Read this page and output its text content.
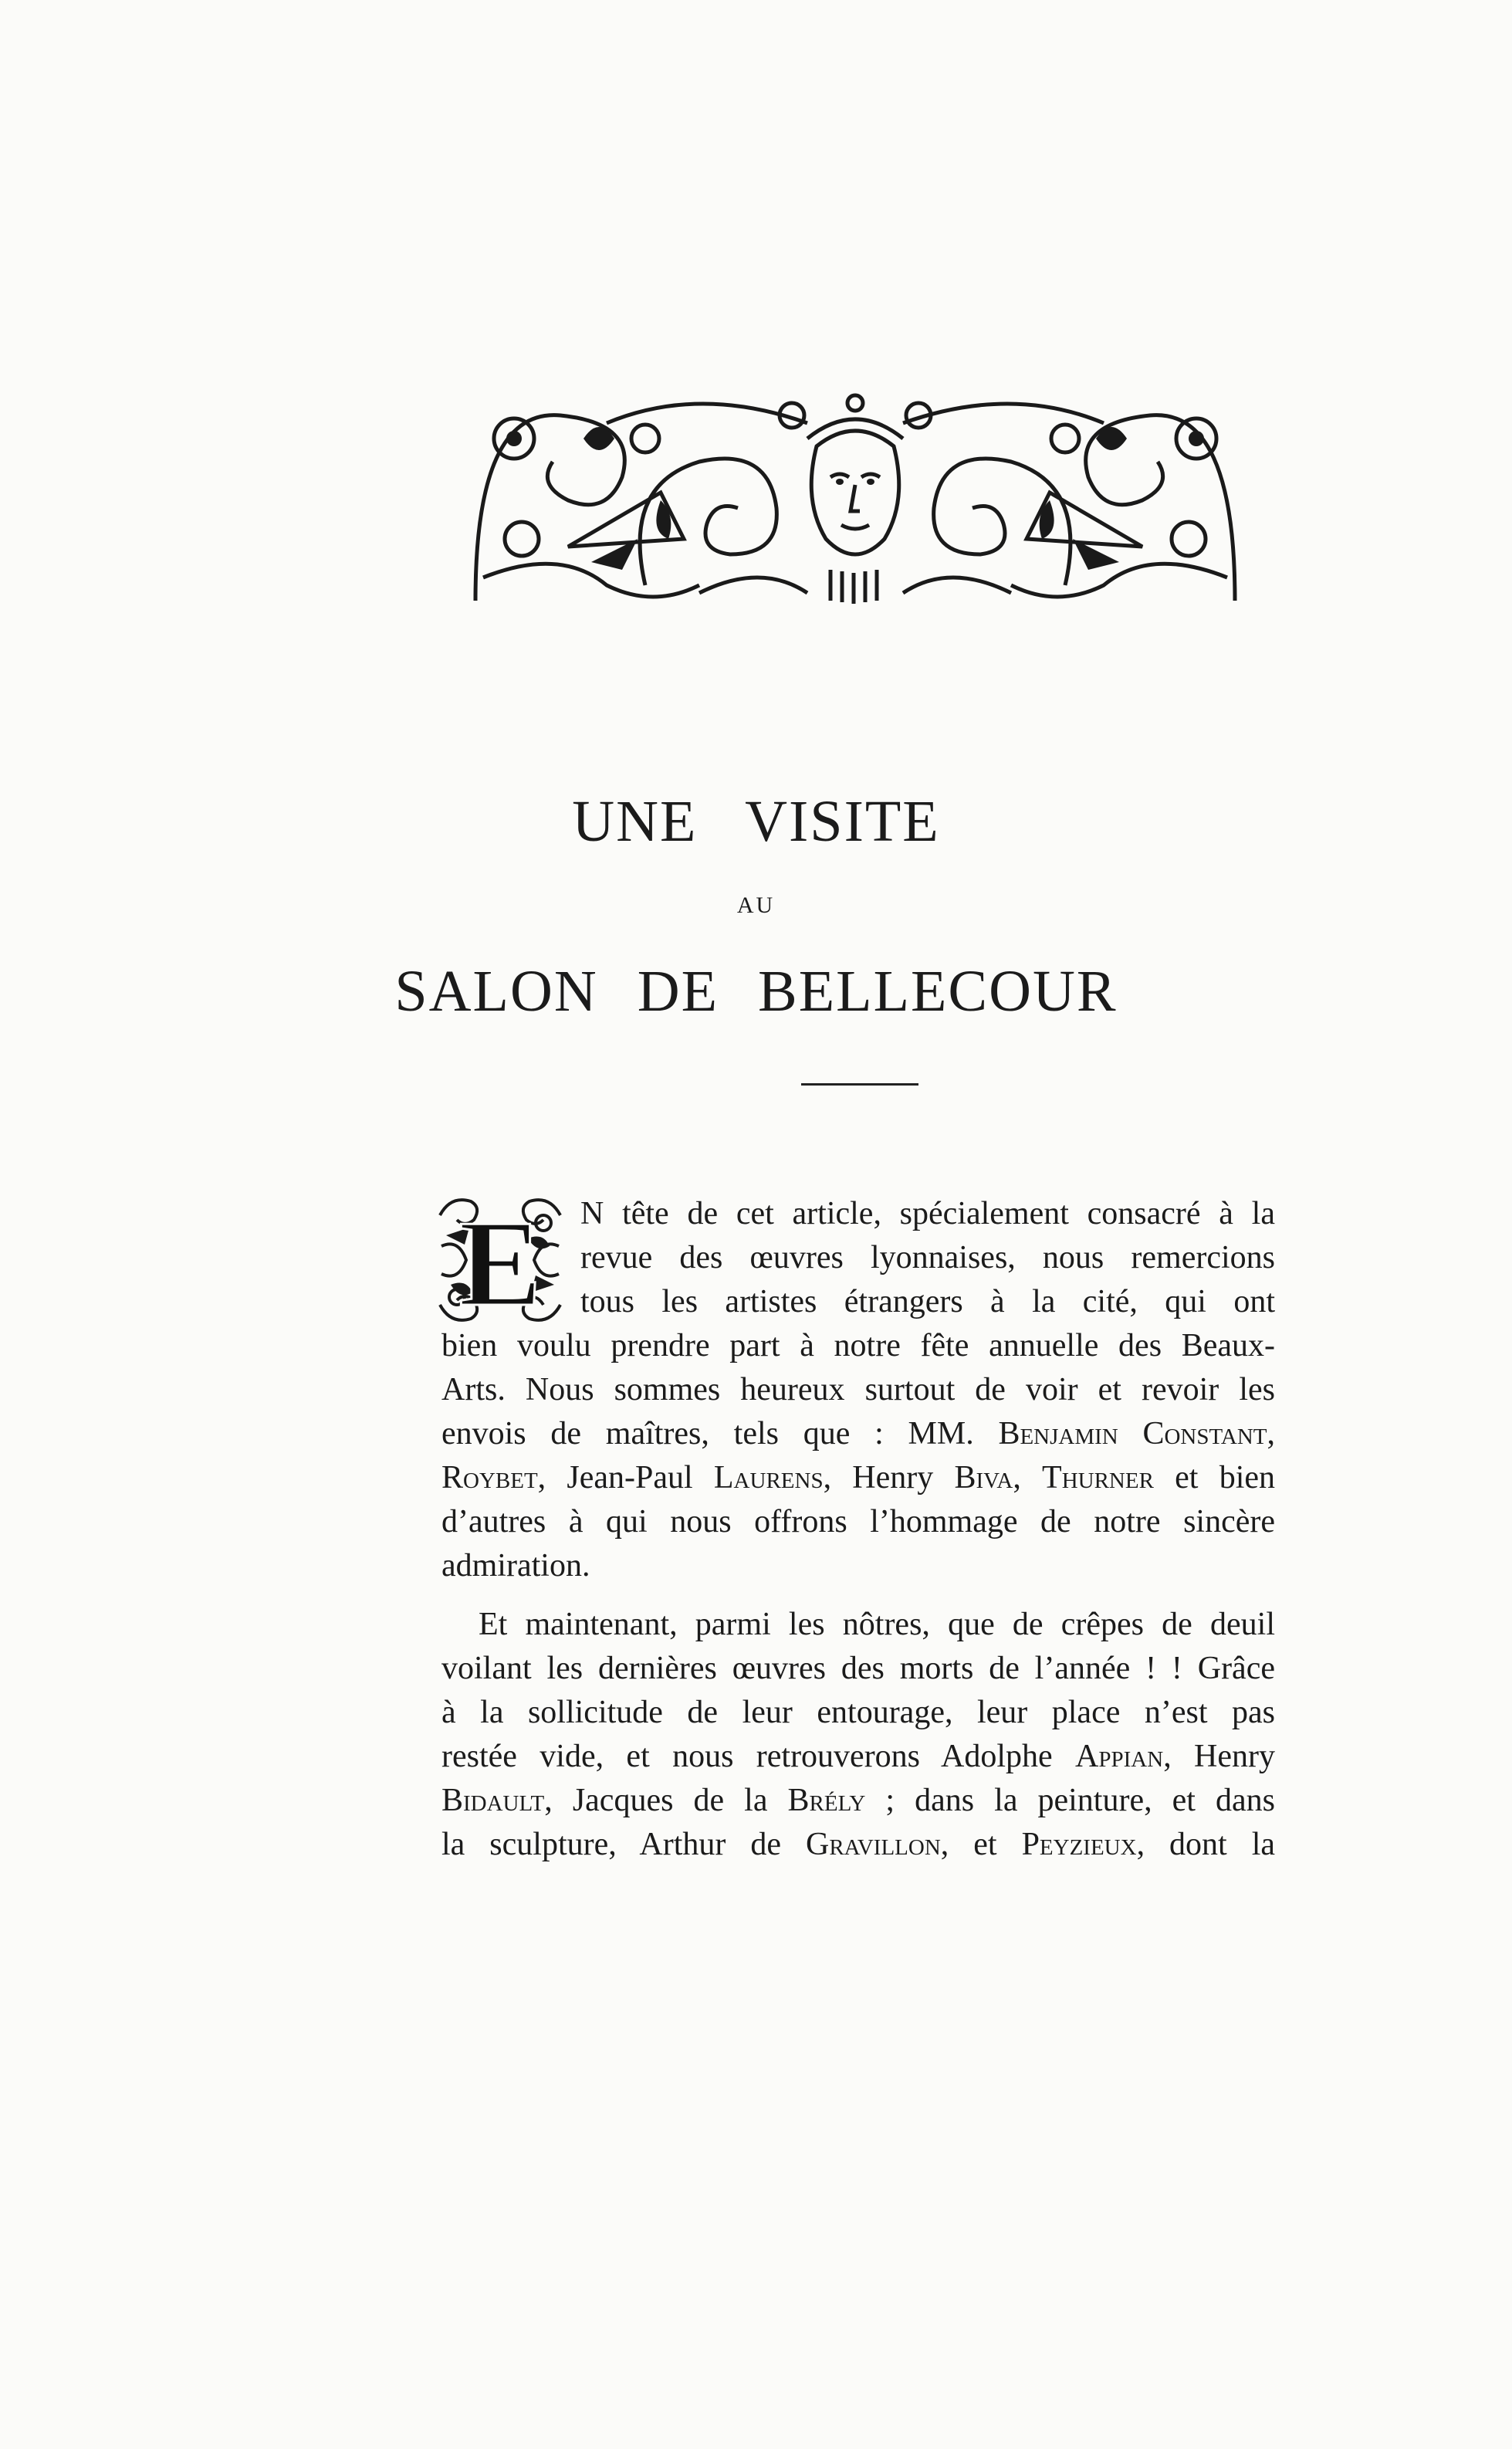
UNE VISITE
AU
SALON DE BELLECOUR
E N tête de cet article, spécialement consacré à la

revue des œuvres lyonnaises, nous remercions

tous les artistes étrangers à la cité, qui ont

bien voulu prendre part à notre fête annuelle des Beaux-

Arts. Nous sommes heureux surtout de voir et revoir les

envois de maîtres, tels que : MM. Benjamin Constant,

Roybet, Jean-Paul Laurens, Henry Biva, Thurner et bien

d’autres à qui nous offrons l’hommage de notre sincère

admiration.

Et maintenant, parmi les nôtres, que de crêpes de deuil

voilant les dernières œuvres des morts de l’année ! ! Grâce

à la sollicitude de leur entourage, leur place n’est pas

restée vide, et nous retrouverons Adolphe Appian, Henry

Bidault, Jacques de la Brély ; dans la peinture, et dans

la sculpture, Arthur de Gravillon, et Peyzieux, dont la
